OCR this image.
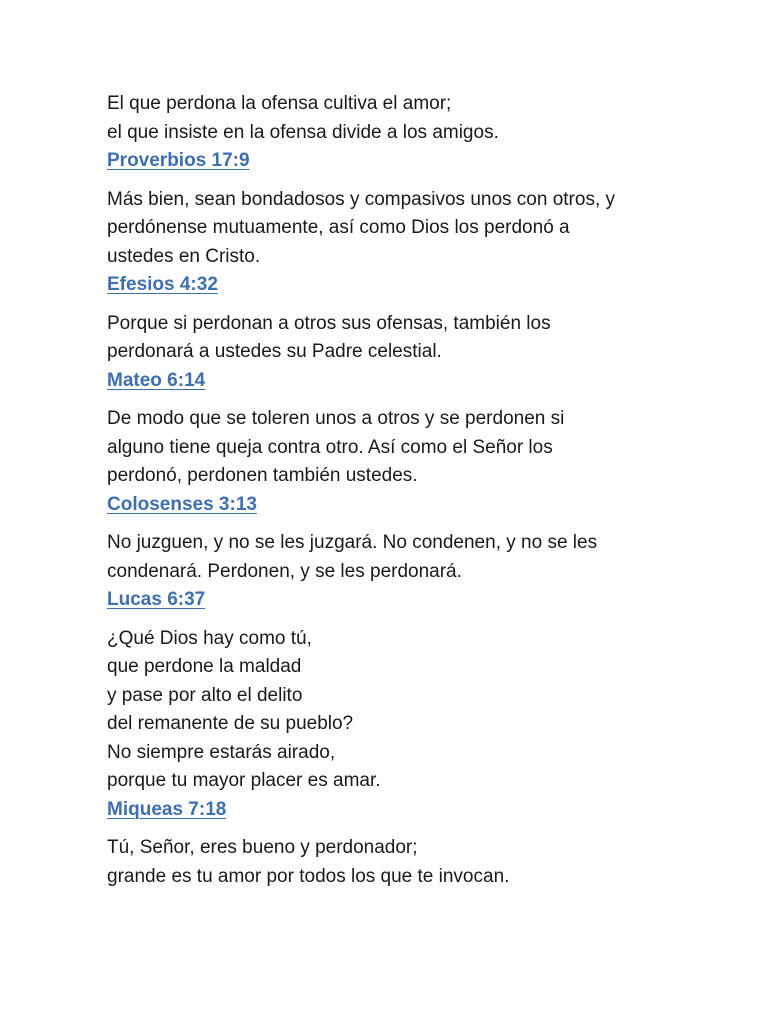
El que perdona la ofensa cultiva el amor;
el que insiste en la ofensa divide a los amigos.
Proverbios 17:9
Más bien, sean bondadosos y compasivos unos con otros, y
perdónense mutuamente, así como Dios los perdonó a
ustedes en Cristo.
Efesios 4:32
Porque si perdonan a otros sus ofensas, también los
perdonará a ustedes su Padre celestial.
Mateo 6:14
De modo que se toleren unos a otros y se perdonen si
alguno tiene queja contra otro. Así como el Señor los
perdonó, perdonen también ustedes.
Colosenses 3:13
No juzguen, y no se les juzgará. No condenen, y no se les
condenará. Perdonen, y se les perdonará.
Lucas 6:37
¿Qué Dios hay como tú,
que perdone la maldad
y pase por alto el delito
del remanente de su pueblo?
No siempre estarás airado,
porque tu mayor placer es amar.
Miqueas 7:18
Tú, Señor, eres bueno y perdonador;
grande es tu amor por todos los que te invocan.
